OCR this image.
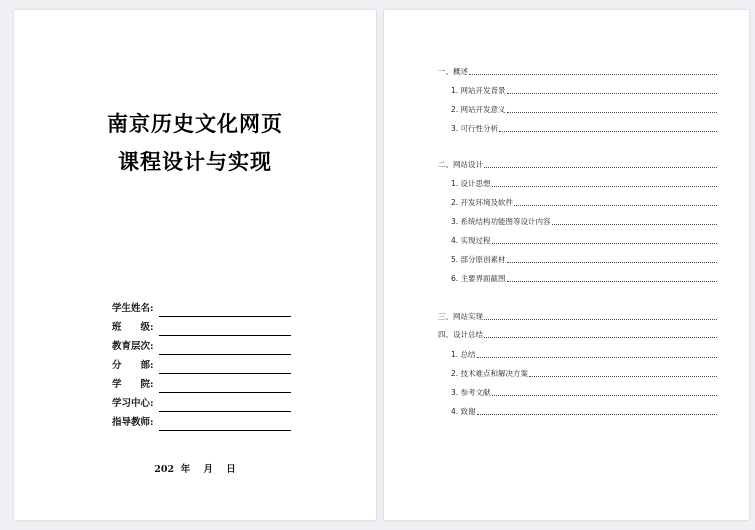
南京历史文化网页
课程设计与实现
学生姓名:
班　　级:
教育层次:
分　　部:
学　　院:
学习中心:
指导教师:
202  年    月    日
一、概述
1. 网站开发背景
2. 网站开发意义
3. 可行性分析
二、网站设计
1. 设计思想
2. 开发环境及软件
3. 系统结构功能图等设计内容
4. 实现过程
5. 部分原创素材
6. 主要界面截图
三、网站实现
四、设计总结
1. 总结
2. 技术难点和解决方案
3. 参考文献
4. 致谢
